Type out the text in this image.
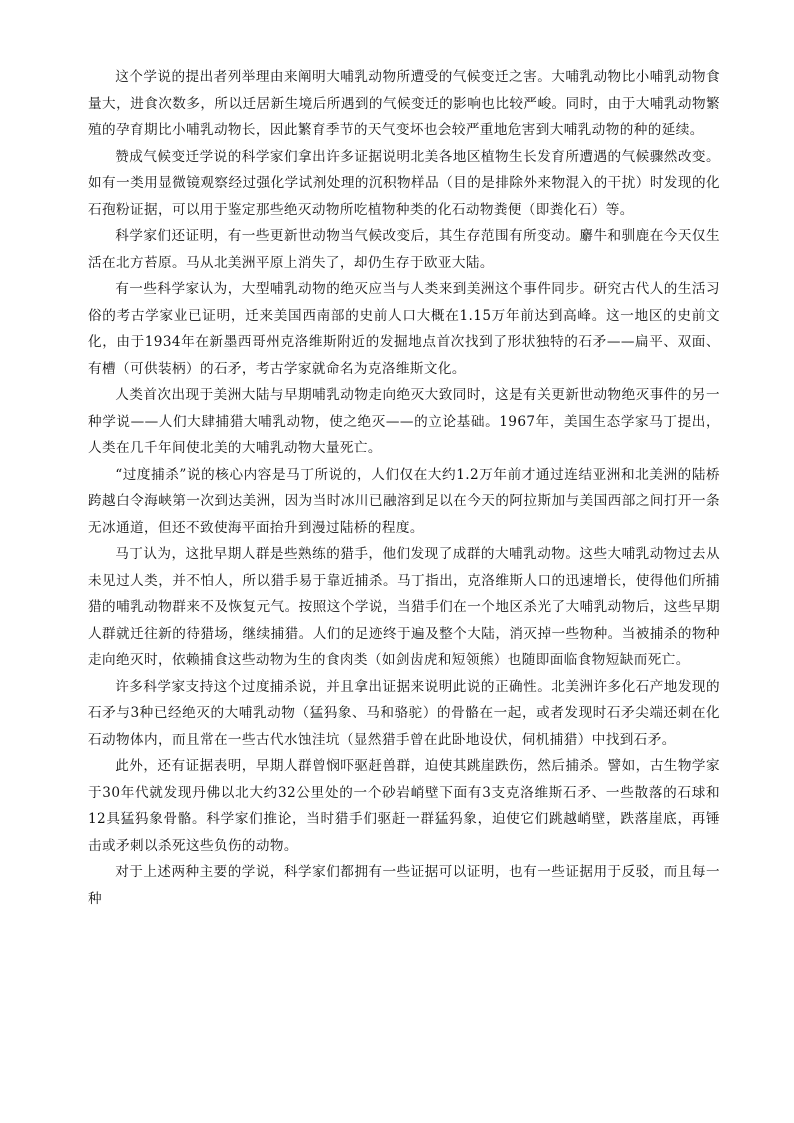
这个学说的提出者列举理由来阐明大哺乳动物所遭受的气候变迁之害。大哺乳动物比小哺乳动物食量大，进食次数多，所以迁居新生境后所遇到的气候变迁的影响也比较严峻。同时，由于大哺乳动物繁殖的孕育期比小哺乳动物长，因此繁育季节的天气变坏也会较严重地危害到大哺乳动物的种的延续。

赞成气候变迁学说的科学家们拿出许多证据说明北美各地区植物生长发育所遭遇的气候骤然改变。如有一类用显微镜观察经过强化学试剂处理的沉积物样品（目的是排除外来物混入的干扰）时发现的化石孢粉证据，可以用于鉴定那些绝灭动物所吃植物种类的化石动物粪便（即粪化石）等。

科学家们还证明，有一些更新世动物当气候改变后，其生存范围有所变动。麝牛和驯鹿在今天仅生活在北方苔原。马从北美洲平原上消失了，却仍生存于欧亚大陆。

有一些科学家认为，大型哺乳动物的绝灭应当与人类来到美洲这个事件同步。研究古代人的生活习俗的考古学家业已证明，迁来美国西南部的史前人口大概在1.15万年前达到高峰。这一地区的史前文化，由于1934年在新墨西哥州克洛维斯附近的发掘地点首次找到了形状独特的石矛——扁平、双面、有槽（可供装柄）的石矛，考古学家就命名为克洛维斯文化。

人类首次出现于美洲大陆与早期哺乳动物走向绝灭大致同时，这是有关更新世动物绝灭事件的另一种学说——人们大肆捕猎大哺乳动物，使之绝灭——的立论基础。1967年，美国生态学家马丁提出，人类在几千年间使北美的大哺乳动物大量死亡。

“过度捕杀”说的核心内容是马丁所说的，人们仅在大约1.2万年前才通过连结亚洲和北美洲的陆桥跨越白令海峡第一次到达美洲，因为当时冰川已融溶到足以在今天的阿拉斯加与美国西部之间打开一条无冰通道，但还不致使海平面抬升到漫过陆桥的程度。

马丁认为，这批早期人群是些熟练的猎手，他们发现了成群的大哺乳动物。这些大哺乳动物过去从未见过人类，并不怕人，所以猎手易于靠近捕杀。马丁指出，克洛维斯人口的迅速增长，使得他们所捕猎的哺乳动物群来不及恢复元气。按照这个学说，当猎手们在一个地区杀光了大哺乳动物后，这些早期人群就迁往新的待猎场，继续捕猎。人们的足迹终于遍及整个大陆，消灭掉一些物种。当被捕杀的物种走向绝灭时，依赖捕食这些动物为生的食肉类（如剑齿虎和短领熊）也随即面临食物短缺而死亡。

许多科学家支持这个过度捕杀说，并且拿出证据来说明此说的正确性。北美洲许多化石产地发现的石矛与3种已经绝灭的大哺乳动物（猛犸象、马和骆驼）的骨骼在一起，或者发现时石矛尖端还刺在化石动物体内，而且常在一些古代水蚀洼坑（显然猎手曾在此卧地设伏，伺机捕猎）中找到石矛。

此外，还有证据表明，早期人群曾悯吓驱赶兽群，迫使其跳崖跌伤，然后捕杀。譬如，古生物学家于30年代就发现丹佛以北大约32公里处的一个砂岩峭壁下面有3支克洛维斯石矛、一些散落的石球和12具猛犸象骨骼。科学家们推论，当时猎手们驱赶一群猛犸象，迫使它们跳越峭壁，跌落崖底，再锤击或矛刺以杀死这些负伤的动物。

对于上述两种主要的学说，科学家们都拥有一些证据可以证明，也有一些证据用于反驳，而且每一种
